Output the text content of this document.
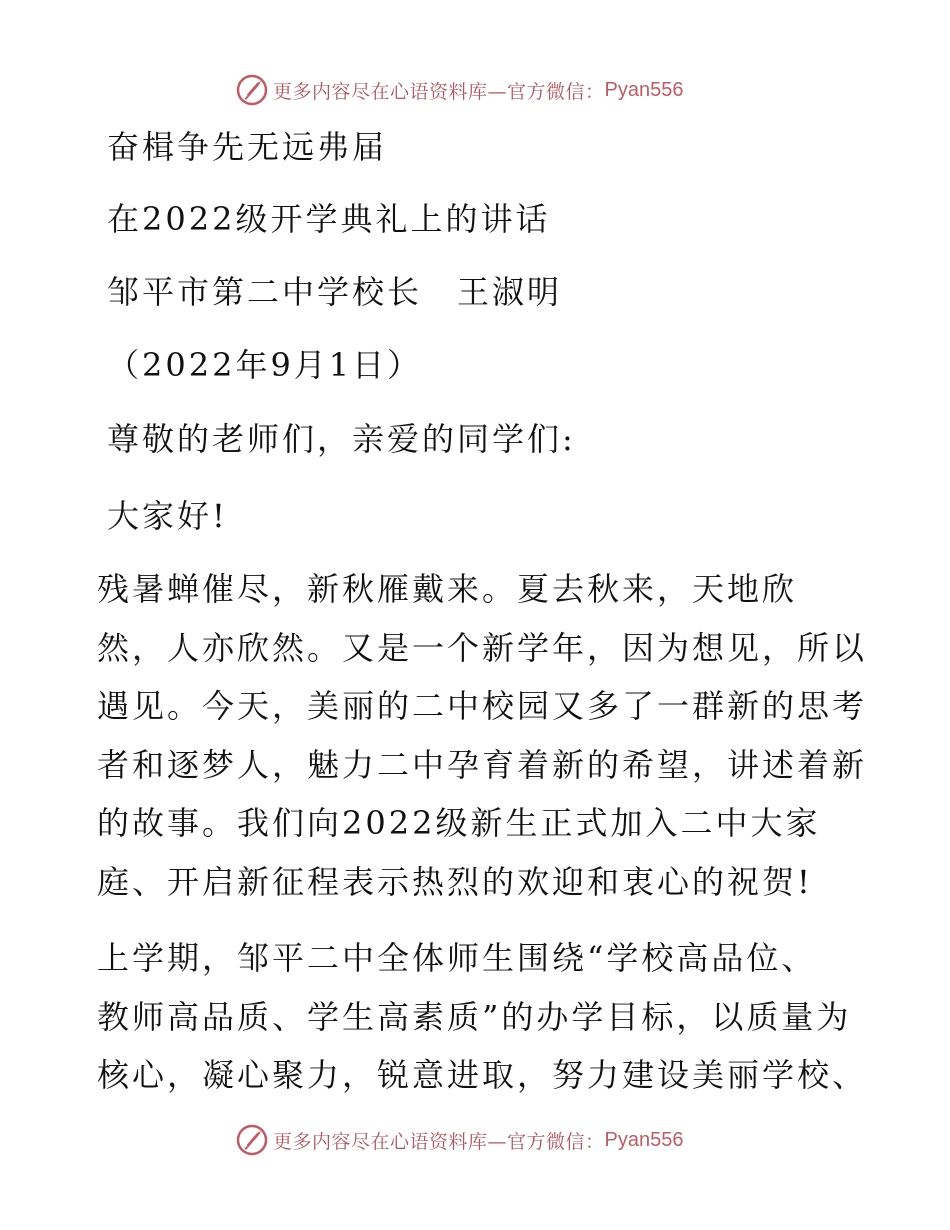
更多内容尽在心语资料库—官方微信： Pyan556
奋楫争先无远弗届
在2022级开学典礼上的讲话
邹平市第二中学校长　王淑明
（2022年9月1日）
尊敬的老师们，亲爱的同学们:
大家好!
残暑蝉催尽，新秋雁戴来。夏去秋来，天地欣
然，人亦欣然。又是一个新学年，因为想见，所以
遇见。今天，美丽的二中校园又多了一群新的思考
者和逐梦人，魅力二中孕育着新的希望，讲述着新
的故事。我们向2022级新生正式加入二中大家
庭、开启新征程表示热烈的欢迎和衷心的祝贺!
上学期，邹平二中全体师生围绕“学校高品位、
教师高品质、学生高素质”的办学目标，以质量为
核心，凝心聚力，锐意进取，努力建设美丽学校、
更多内容尽在心语资料库—官方微信： Pyan556
